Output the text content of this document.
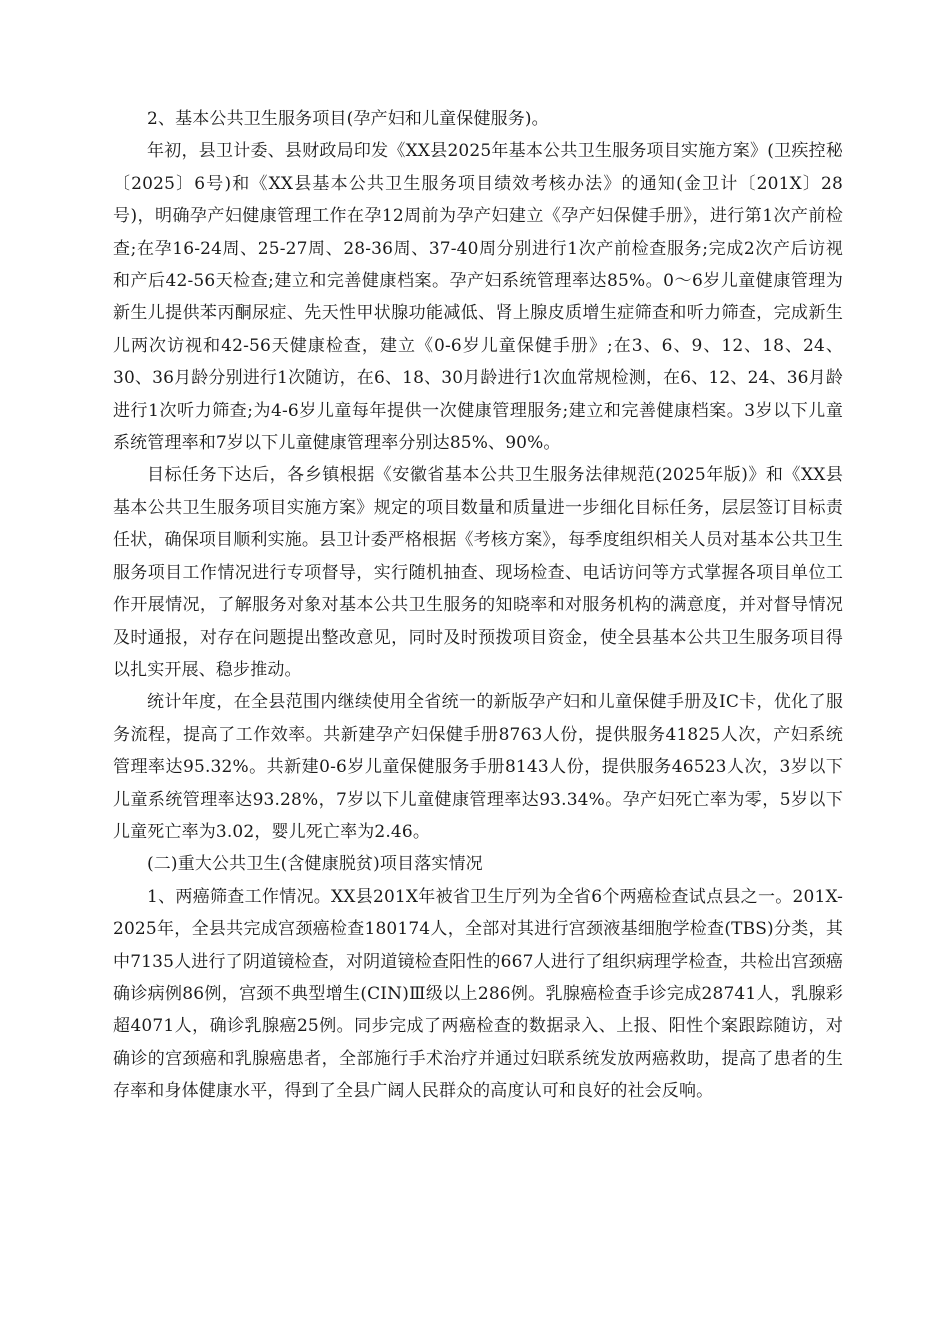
2、基本公共卫生服务项目(孕产妇和儿童保健服务)。

年初，县卫计委、县财政局印发《XX县2025年基本公共卫生服务项目实施方案》(卫疾控秘〔2025〕6号)和《XX县基本公共卫生服务项目绩效考核办法》的通知(金卫计〔201X〕28号)，明确孕产妇健康管理工作在孕12周前为孕产妇建立《孕产妇保健手册》，进行第1次产前检查;在孕16-24周、25-27周、28-36周、37-40周分别进行1次产前检查服务;完成2次产后访视和产后42-56天检查;建立和完善健康档案。孕产妇系统管理率达85%。0～6岁儿童健康管理为新生儿提供苯丙酮尿症、先天性甲状腺功能减低、肾上腺皮质增生症筛查和听力筛查，完成新生儿两次访视和42-56天健康检查，建立《0-6岁儿童保健手册》;在3、6、9、12、18、24、30、36月龄分别进行1次随访，在6、18、30月龄进行1次血常规检测，在6、12、24、36月龄进行1次听力筛查;为4-6岁儿童每年提供一次健康管理服务;建立和完善健康档案。3岁以下儿童系统管理率和7岁以下儿童健康管理率分别达85%、90%。

目标任务下达后，各乡镇根据《安徽省基本公共卫生服务法律规范(2025年版)》和《XX县基本公共卫生服务项目实施方案》规定的项目数量和质量进一步细化目标任务，层层签订目标责任状，确保项目顺利实施。县卫计委严格根据《考核方案》，每季度组织相关人员对基本公共卫生服务项目工作情况进行专项督导，实行随机抽查、现场检查、电话访问等方式掌握各项目单位工作开展情况，了解服务对象对基本公共卫生服务的知晓率和对服务机构的满意度，并对督导情况及时通报，对存在问题提出整改意见，同时及时预拨项目资金，使全县基本公共卫生服务项目得以扎实开展、稳步推动。

统计年度，在全县范围内继续使用全省统一的新版孕产妇和儿童保健手册及IC卡，优化了服务流程，提高了工作效率。共新建孕产妇保健手册8763人份，提供服务41825人次，产妇系统管理率达95.32%。共新建0-6岁儿童保健服务手册8143人份，提供服务46523人次，3岁以下儿童系统管理率达93.28%，7岁以下儿童健康管理率达93.34%。孕产妇死亡率为零，5岁以下儿童死亡率为3.02，婴儿死亡率为2.46。

(二)重大公共卫生(含健康脱贫)项目落实情况

1、两癌筛查工作情况。XX县201X年被省卫生厅列为全省6个两癌检查试点县之一。201X-2025年，全县共完成宫颈癌检查180174人，全部对其进行宫颈液基细胞学检查(TBS)分类，其中7135人进行了阴道镜检查，对阴道镜检查阳性的667人进行了组织病理学检查，共检出宫颈癌确诊病例86例，宫颈不典型增生(CIN)Ⅲ级以上286例。乳腺癌检查手诊完成28741人，乳腺彩超4071人，确诊乳腺癌25例。同步完成了两癌检查的数据录入、上报、阳性个案跟踪随访，对确诊的宫颈癌和乳腺癌患者，全部施行手术治疗并通过妇联系统发放两癌救助，提高了患者的生存率和身体健康水平，得到了全县广阔人民群众的高度认可和良好的社会反响。
